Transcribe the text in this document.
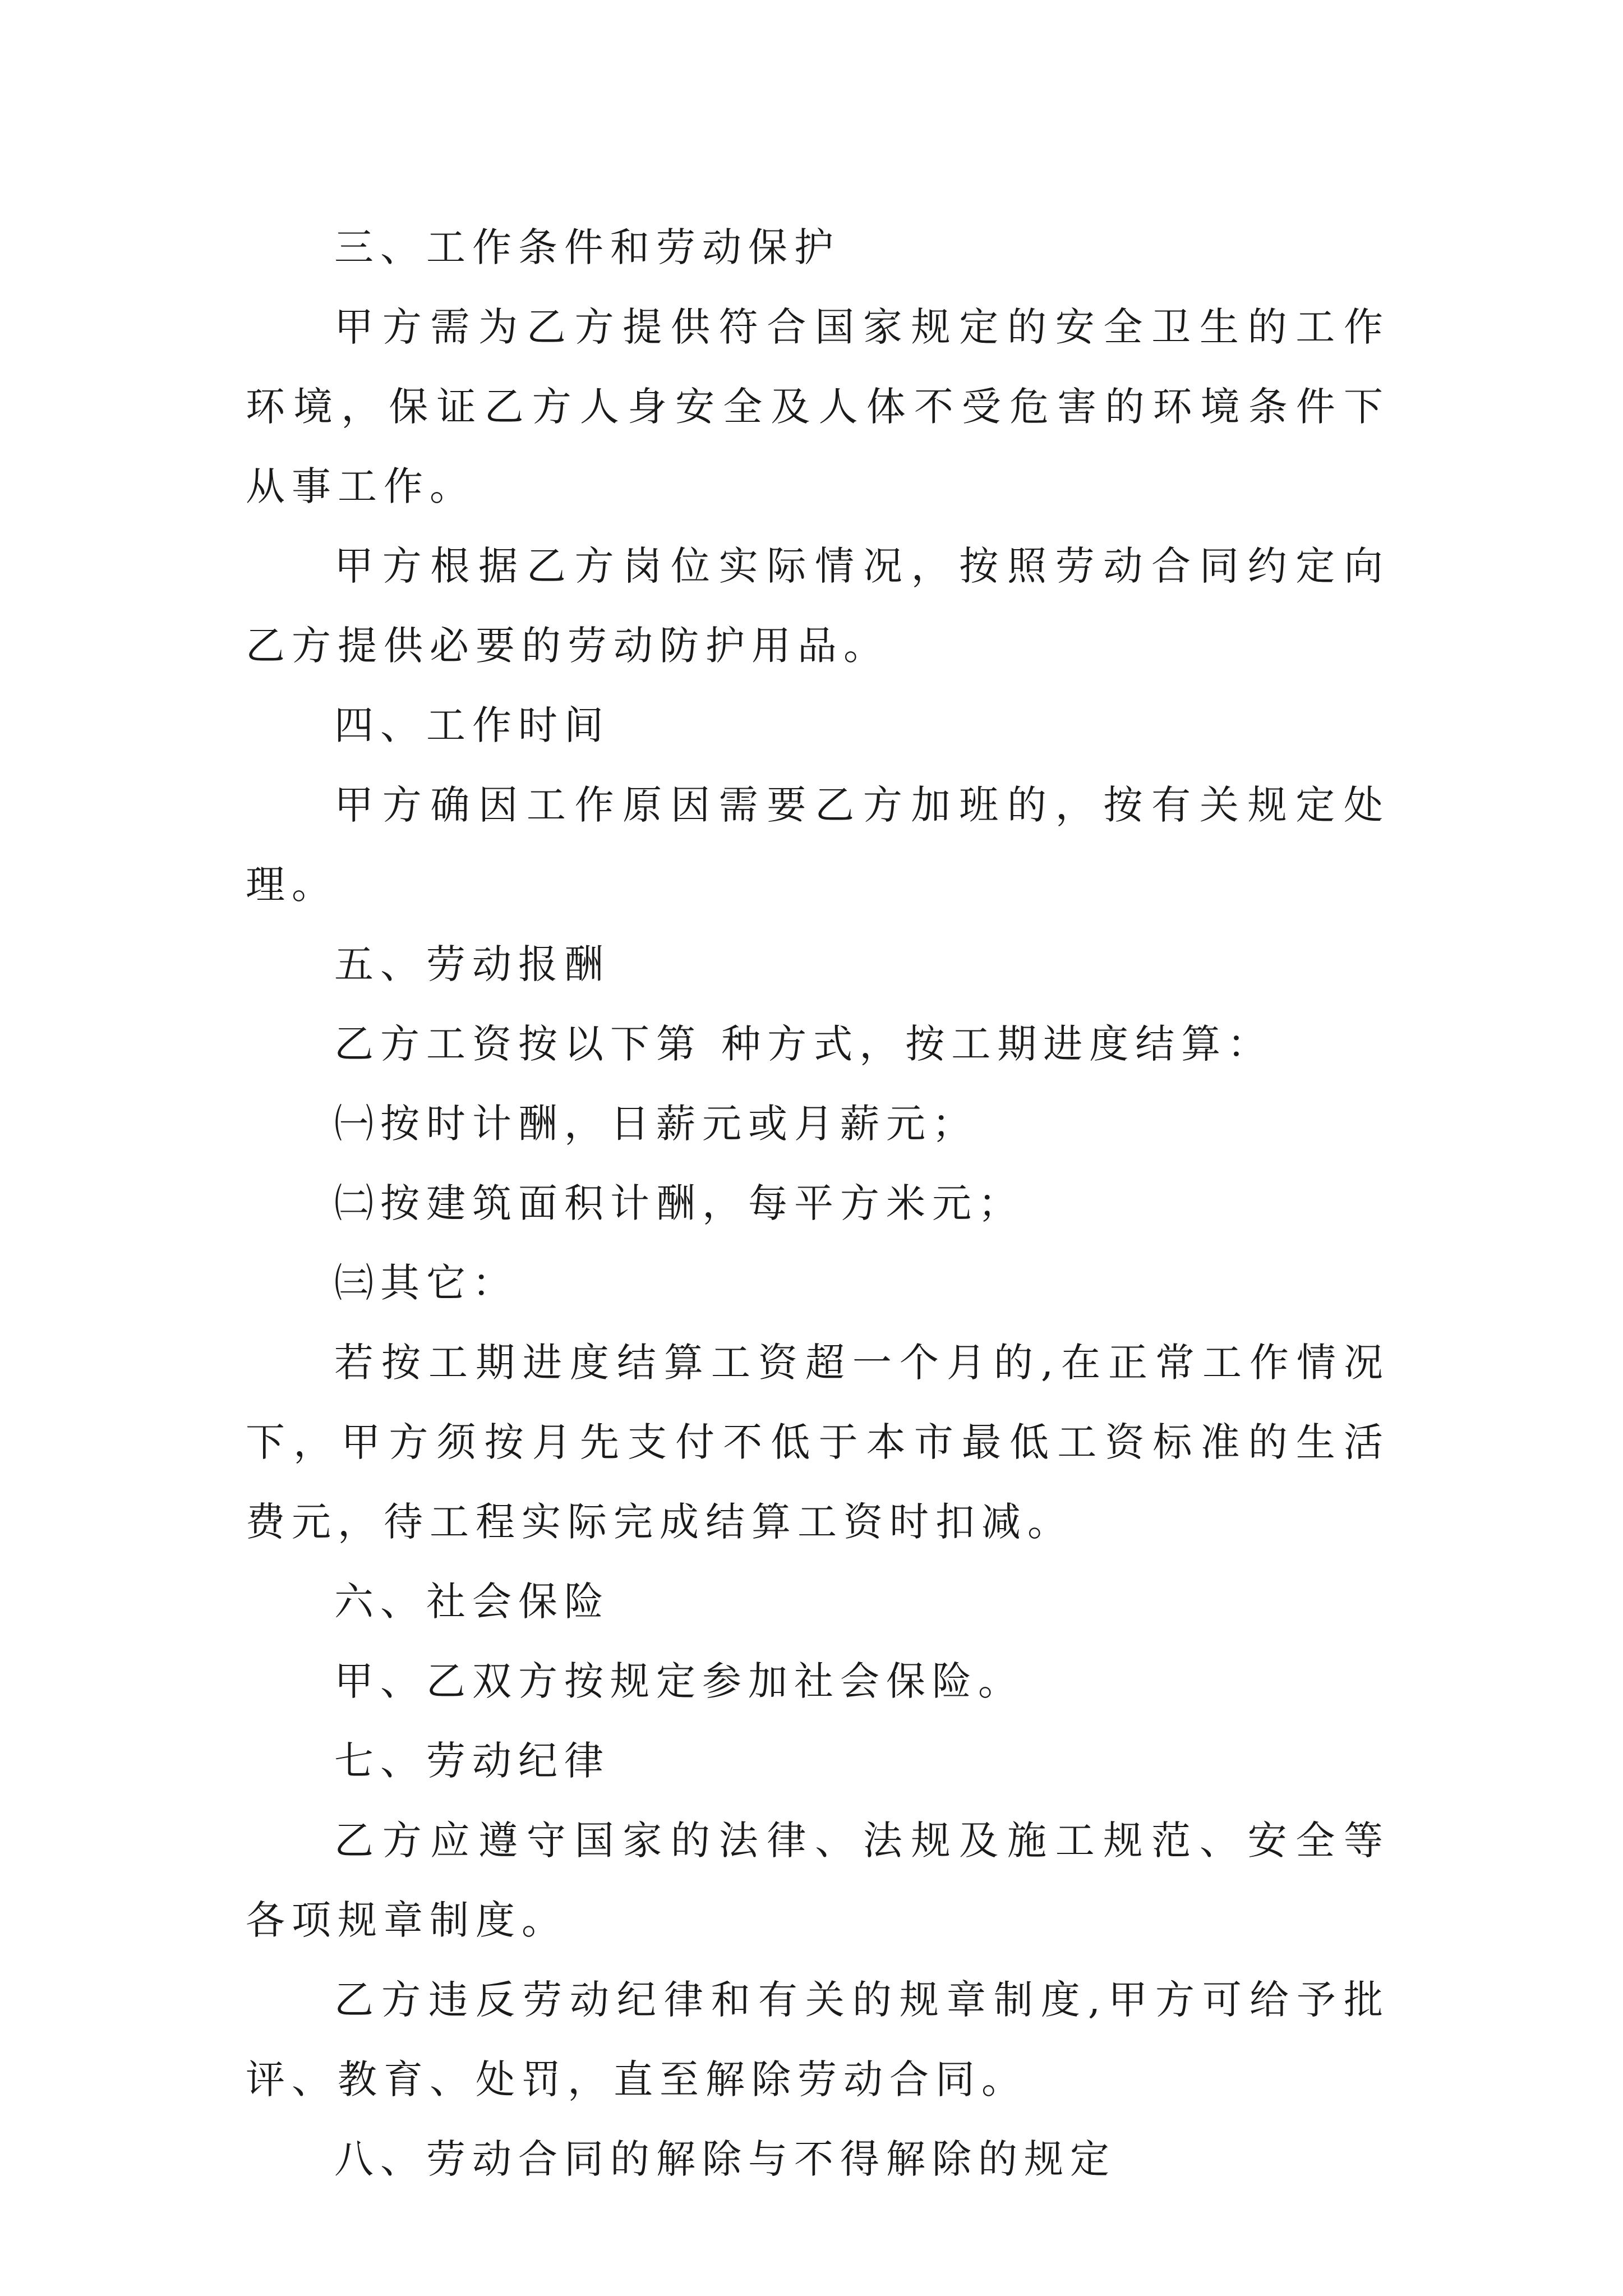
三、工作条件和劳动保护

甲方需为乙方提供符合国家规定的安全卫生的工作环境，保证乙方人身安全及人体不受危害的环境条件下从事工作。

甲方根据乙方岗位实际情况，按照劳动合同约定向乙方提供必要的劳动防护用品。

四、工作时间

甲方确因工作原因需要乙方加班的，按有关规定处理。

五、劳动报酬

乙方工资按以下第 种方式，按工期进度结算：

㈠按时计酬，日薪元或月薪元；

㈡按建筑面积计酬，每平方米元；

㈢其它：

若按工期进度结算工资超一个月的,在正常工作情况下，甲方须按月先支付不低于本市最低工资标准的生活费元，待工程实际完成结算工资时扣减。

六、社会保险

甲、乙双方按规定参加社会保险。

七、劳动纪律

乙方应遵守国家的法律、法规及施工规范、安全等各项规章制度。

乙方违反劳动纪律和有关的规章制度,甲方可给予批评、教育、处罚，直至解除劳动合同。

八、劳动合同的解除与不得解除的规定
